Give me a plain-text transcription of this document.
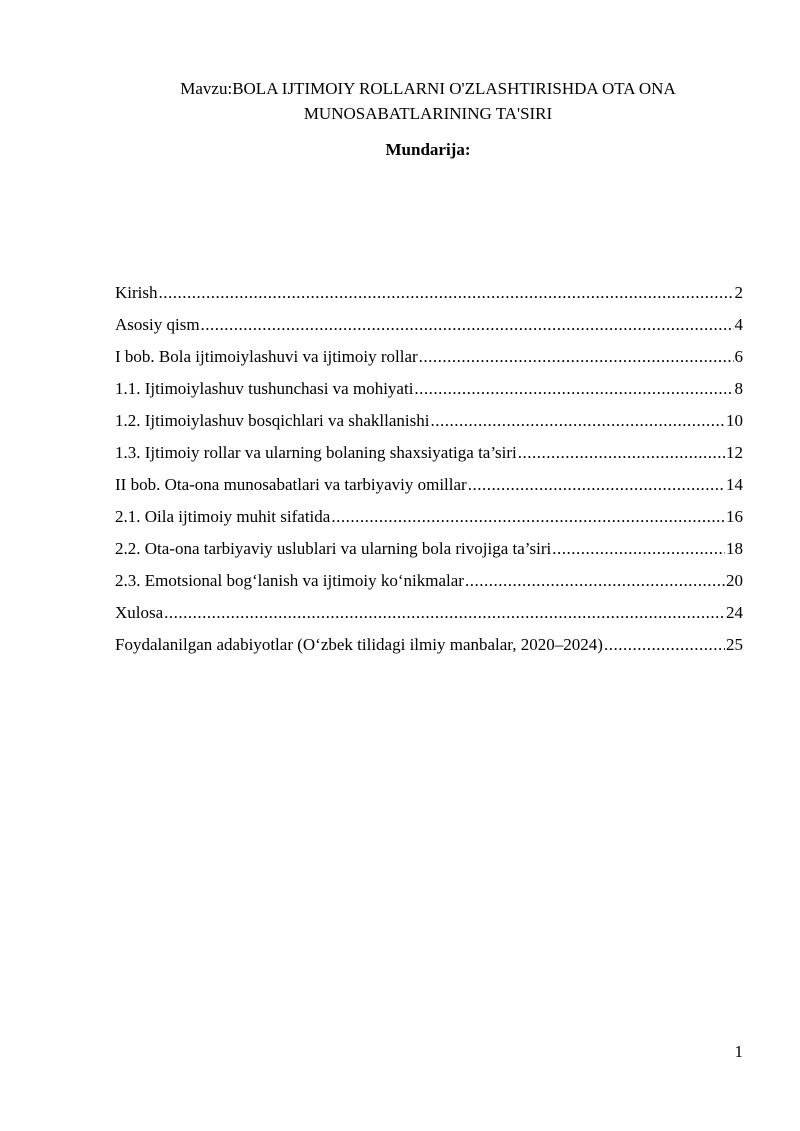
Mavzu:BOLA IJTIMOIY ROLLARNI O'ZLASHTIRISHDA OTA ONA
MUNOSABATLARINING TA'SIRI
Mundarija:
Kirish .....	2
Asosiy qism .....	4
I bob. Bola ijtimoiylashuvi va ijtimoiy rollar .....	6
1.1. Ijtimoiylashuv tushunchasi va mohiyati .....	8
1.2. Ijtimoiylashuv bosqichlari va shakllanishi .....	10
1.3. Ijtimoiy rollar va ularning bolaning shaxsiyatiga ta’siri .....	12
II bob. Ota-ona munosabatlari va tarbiyaviy omillar .....	14
2.1. Oila ijtimoiy muhit sifatida .....	16
2.2. Ota-ona tarbiyaviy uslublari va ularning bola rivojiga ta’siri .....	18
2.3. Emotsional bog‘lanish va ijtimoiy ko‘nikmalar .....	20
Xulosa .....	24
Foydalanilgan adabiyotlar (O‘zbek tilidagi ilmiy manbalar, 2020–2024) .....	25
1
